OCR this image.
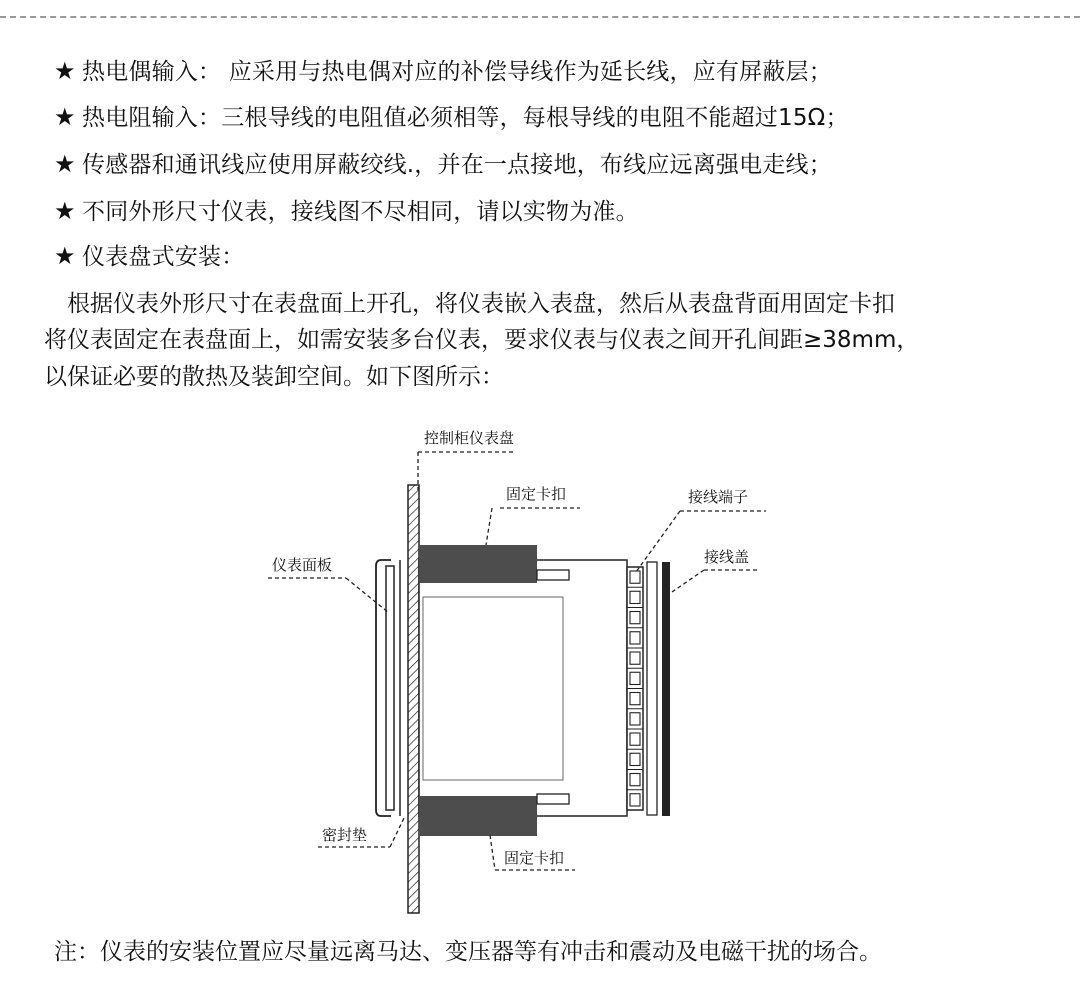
★ 热电偶输入： 应采用与热电偶对应的补偿导线作为延长线，应有屏蔽层；
★ 热电阻输入：三根导线的电阻值必须相等，每根导线的电阻不能超过15Ω；
★ 传感器和通讯线应使用屏蔽绞线.，并在一点接地，布线应远离强电走线；
★ 不同外形尺寸仪表，接线图不尽相同，请以实物为准。
★ 仪表盘式安装：
　根据仪表外形尺寸在表盘面上开孔，将仪表嵌入表盘，然后从表盘背面用固定卡扣
将仪表固定在表盘面上，如需安装多台仪表，要求仪表与仪表之间开孔间距≥38mm，
以保证必要的散热及装卸空间。如下图所示：
控制柜仪表盘
固定卡扣	接线端子
接线盖
仪表面板
密封垫
固定卡扣
注：仪表的安装位置应尽量远离马达、变压器等有冲击和震动及电磁干扰的场合。
